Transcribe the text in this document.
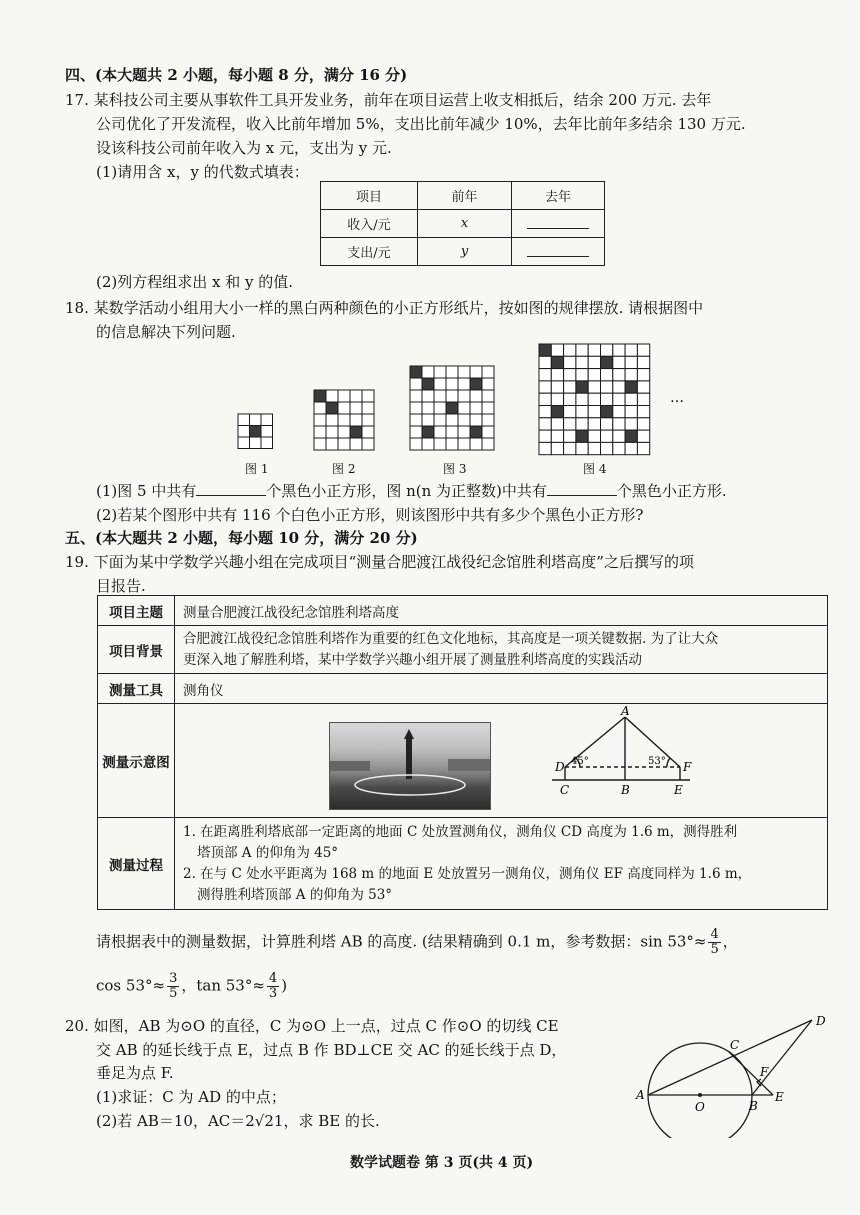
四、(本大题共 2 小题，每小题 8 分，满分 16 分)
17. 某科技公司主要从事软件工具开发业务，前年在项目运营上收支相抵后，结余 200 万元. 去年
公司优化了开发流程，收入比前年增加 5%，支出比前年减少 10%，去年比前年多结余 130 万元.
设该科技公司前年收入为 x 元，支出为 y 元.
(1)请用含 x，y 的代数式填表：
项目	前年	去年
收入/元	x	
支出/元	y	
(2)列方程组求出 x 和 y 的值.
18. 某数学活动小组用大小一样的黑白两种颜色的小正方形纸片，按如图的规律摆放. 请根据图中
的信息解决下列问题.
…
图 1	图 2	图 3	图 4
(1)图 5 中共有	个黑色小正方形，图 n(n 为正整数)中共有	个黑色小正方形.
(2)若某个图形中共有 116 个白色小正方形，则该图形中共有多少个黑色小正方形?
五、(本大题共 2 小题，每小题 10 分，满分 20 分)
19. 下面为某中学数学兴趣小组在完成项目“测量合肥渡江战役纪念馆胜利塔高度”之后撰写的项
目报告.
项目主题	测量合肥渡江战役纪念馆胜利塔高度
项目背景	合肥渡江战役纪念馆胜利塔作为重要的红色文化地标，其高度是一项关键数据. 为了让大众
更深入地了解胜利塔，某中学数学兴趣小组开展了测量胜利塔高度的实践活动

测量工具	测角仪
测量示意图	
测量过程	1. 在距离胜利塔底部一定距离的地面 C 处放置测角仪，测角仪 CD 高度为 1.6 m，测得胜利
塔顶部 A 的仰角为 45°
2. 在与 C 处水平距离为 168 m 的地面 E 处放置另一测角仪，测角仪 EF 高度同样为 1.6 m，
测得胜利塔顶部 A 的仰角为 53°
A
D	F
C	B	E
45°	53°
请根据表中的测量数据，计算胜利塔 AB 的高度. (结果精确到 0.1 m，参考数据：$\sin 53^\circ\approx \frac{4}{5}$ ，
$\cos 53^\circ\approx \frac{3}{5}$ ，$\tan 53^\circ\approx \frac{4}{3}$ )
20. 如图，AB 为⊙O 的直径，C 为⊙O 上一点，过点 C 作⊙O 的切线 CE
交 AB 的延长线于点 E，过点 B 作 BD⊥CE 交 AC 的延长线于点 D，
垂足为点 F.
(1)求证：C 为 AD 的中点；
(2)若 AB＝10，AC＝2√21，求 BE 的长.
D
C
F
A
O	B
E
数学试题卷 第 3 页(共 4 页)
